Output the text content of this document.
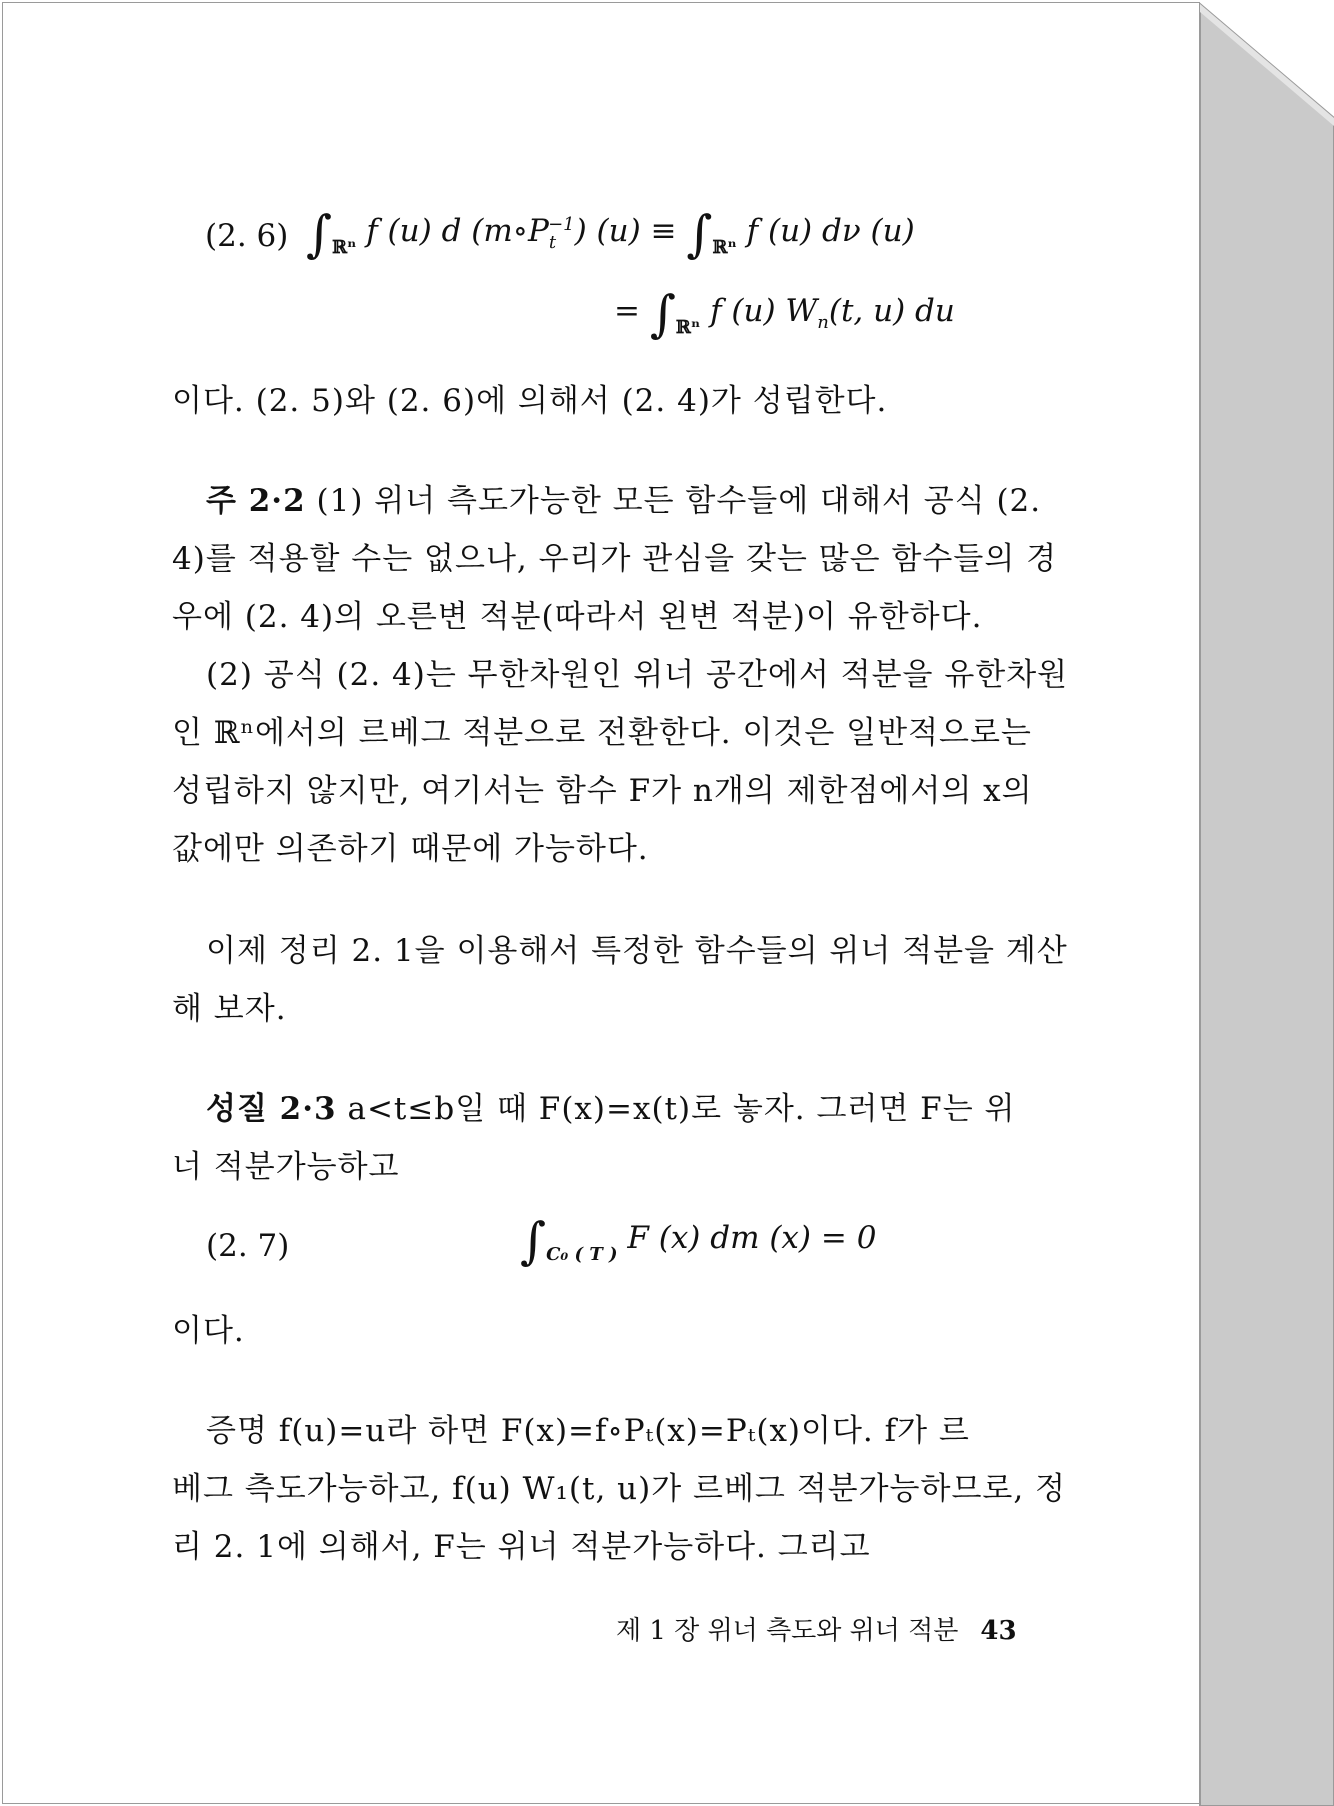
(2. 6) $\int_{ℝ^n}$ f (u) d $(m\circ P_t^{-1}) (u) \equiv \int_{ℝ^n}$ f (u) dν (u)
= $\int_{ℝ^n}$ f (u) $W_n(t$, u) du
이다. (2. 5)와 (2. 6)에 의해서 (2. 4)가 성립한다.
주 2·2 (1) 위너 측도가능한 모든 함수들에 대해서 공식 (2.
4)를 적용할 수는 없으나, 우리가 관심을 갖는 많은 함수들의 경
우에 (2. 4)의 오른변 적분(따라서 왼변 적분)이 유한하다.
(2) 공식 (2. 4)는 무한차원인 위너 공간에서 적분을 유한차원
인 ℝⁿ에서의 르베그 적분으로 전환한다. 이것은 일반적으로는
성립하지 않지만, 여기서는 함수 F가 n개의 제한점에서의 x의
값에만 의존하기 때문에 가능하다.
이제 정리 2. 1을 이용해서 특정한 함수들의 위너 적분을 계산
해 보자.
성질 2·3 a<t≤b일 때 F(x)=x(t)로 놓자. 그러면 F는 위
너 적분가능하고
(2. 7)	$\int_{C_0 ( T )}$ F (x) dm (x) = 0
이다.
증명 f(u)=u라 하면 F(x)=f∘Pₜ(x)=Pₜ(x)이다. f가 르
베그 측도가능하고, f(u) W₁(t, u)가 르베그 적분가능하므로, 정
리 2. 1에 의해서, F는 위너 적분가능하다. 그리고
제 1 장 위너 측도와 위너 적분 43
